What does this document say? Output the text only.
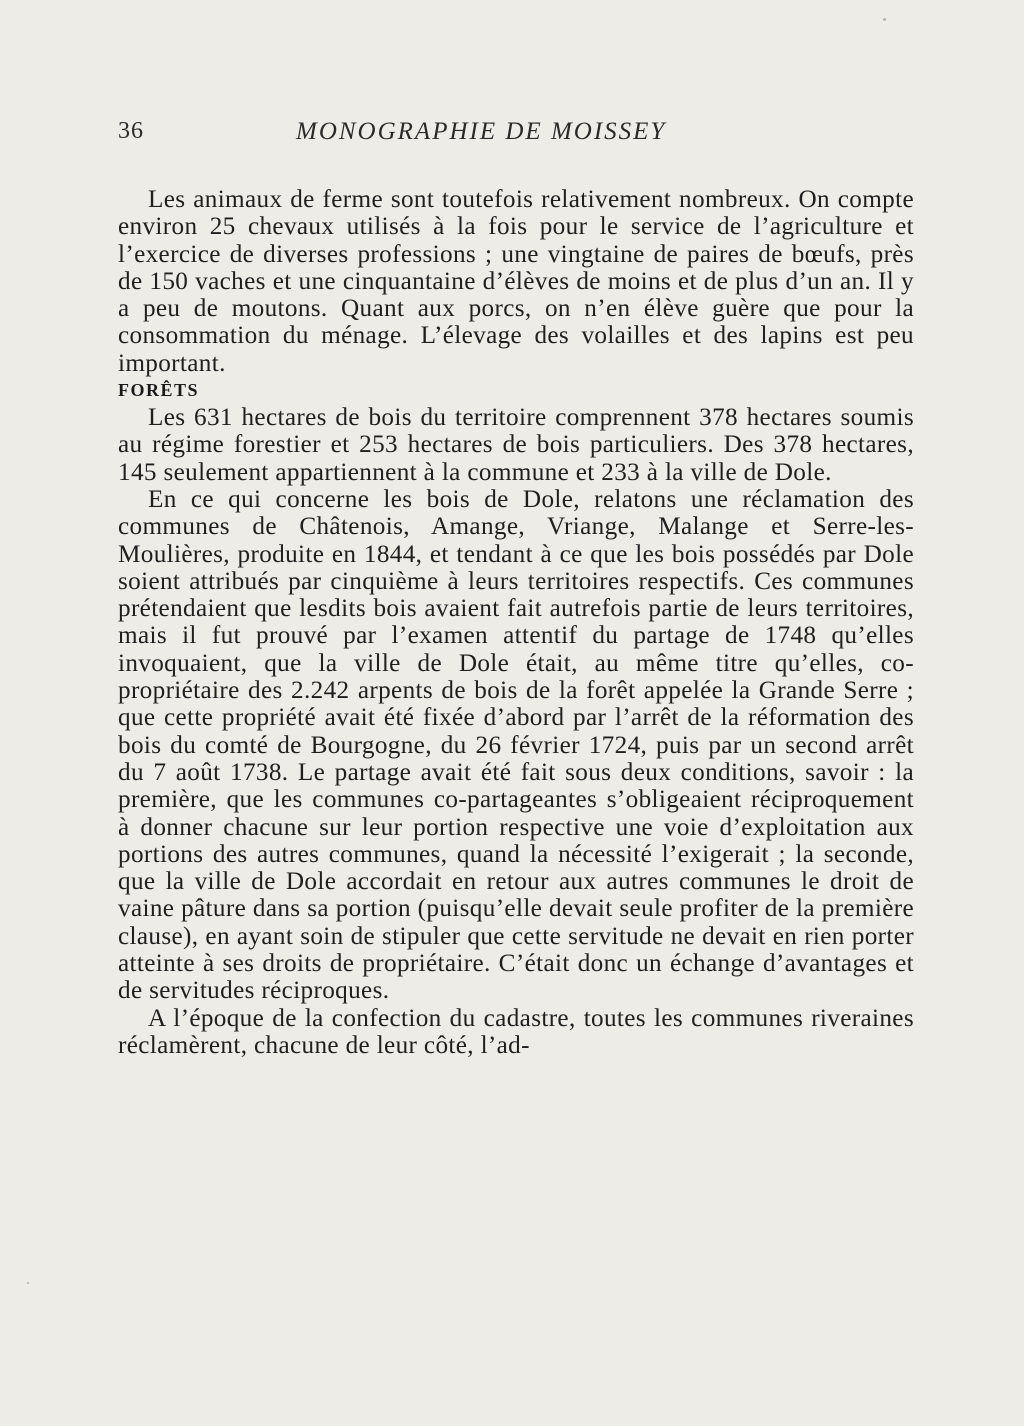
36	MONOGRAPHIE DE MOISSEY

Les animaux de ferme sont toutefois relativement nombreux. On compte environ 25 chevaux utilisés à la fois pour le service de l’agriculture et l’exercice de diverses professions ; une vingtaine de paires de bœufs, près de 150 vaches et une cinquantaine d’élèves de moins et de plus d’un an. Il y a peu de moutons. Quant aux porcs, on n’en élève guère que pour la consommation du ménage. L’élevage des volailles et des lapins est peu important.

FORÊTS

Les 631 hectares de bois du territoire comprennent 378 hectares soumis au régime forestier et 253 hectares de bois particuliers. Des 378 hectares, 145 seulement appartiennent à la commune et 233 à la ville de Dole.

En ce qui concerne les bois de Dole, relatons une réclamation des communes de Châtenois, Amange, Vriange, Malange et Serre-les-Moulières, produite en 1844, et tendant à ce que les bois possédés par Dole soient attribués par cinquième à leurs territoires respectifs. Ces communes prétendaient que lesdits bois avaient fait autrefois partie de leurs territoires, mais il fut prouvé par l’examen attentif du partage de 1748 qu’elles invoquaient, que la ville de Dole était, au même titre qu’elles, co-propriétaire des 2.242 arpents de bois de la forêt appelée la Grande Serre ; que cette propriété avait été fixée d’abord par l’arrêt de la réformation des bois du comté de Bourgogne, du 26 février 1724, puis par un second arrêt du 7 août 1738. Le partage avait été fait sous deux conditions, savoir : la première, que les communes co-partageantes s’obligeaient réciproquement à donner chacune sur leur portion respective une voie d’exploitation aux portions des autres communes, quand la nécessité l’exigerait ; la seconde, que la ville de Dole accordait en retour aux autres communes le droit de vaine pâture dans sa portion (puisqu’elle devait seule profiter de la première clause), en ayant soin de stipuler que cette servitude ne devait en rien porter atteinte à ses droits de propriétaire. C’était donc un échange d’avantages et de servitudes réciproques.

A l’époque de la confection du cadastre, toutes les communes riveraines réclamèrent, chacune de leur côté, l’ad-
